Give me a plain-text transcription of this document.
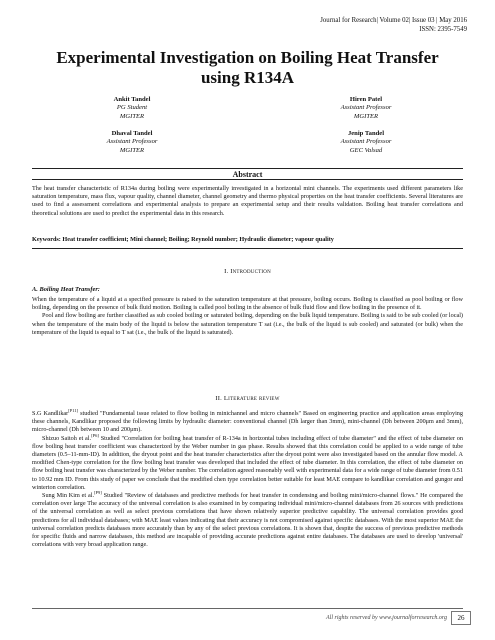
Journal for Research| Volume 02| Issue 03 | May 2016
ISSN: 2395-7549
Experimental Investigation on Boiling Heat Transfer using R134A
Ankit Tandel
PG Student
MGITER
Hiren Patel
Assistant Professor
MGITER
Dhaval Tandel
Assistant Professor
MGITER
Jenip Tandel
Assistant Professor
GEC Valsad
Abstract
The heat transfer characteristic of R134a during boiling were experimentally investigated in a horizontal mini channels. The experiments used different parameters like saturation temperature, mass flux, vapour quality, channel diameter, channel geometry and thermo physical properties on the heat transfer coefficients. Several literatures are used to find a assessment correlations and experimental analysis to prepare an experimental setup and their results validation. Boiling heat transfer correlations and theoretical solutions are used to predict the experimental data in this research.
Keywords: Heat transfer coefficient; Mini channel; Boiling; Reynold number; Hydraulic diameter; vapour quality
I. Introduction
A. Boiling Heat Transfer:

When the temperature of a liquid at a specified pressure is raised to the saturation temperature at that pressure, boiling occurs. Boiling is classified as pool boiling or flow boiling, depending on the presence of bulk fluid motion. Boiling is called pool boiling in the absence of bulk fluid flow and flow boiling in the presence of it.

Pool and flow boiling are further classified as sub cooled boiling or saturated boiling, depending on the bulk liquid temperature. Boiling is said to be sub cooled (or local) when the temperature of the main body of the liquid is below the saturation temperature T sat (i.e., the bulk of the liquid is sub cooled) and saturated (or bulk) when the temperature of the liquid is equal to T sat (i.e., the bulk of the liquid is saturated).

II. Literature review

S.G Kandlikar[P11] studied "Fundamental issue related to flow boiling in minichannel and micro channels" Based on engineering practice and application areas employing these channels, Kandlikar proposed the following limits by hydraulic diameter: conventional channel (Dh larger than 3mm), mini-channel (Dh between 200μm and 3mm), micro-channel (Dh between 10 and 200μm).

Shizuo Saitoh et al.[P6] Studied "Correlation for boiling heat transfer of R-134a in horizontal tubes including effect of tube diameter" and the effect of tube diameter on flow boiling heat transfer coefficient was characterized by the Weber number in gas phase. Results showed that this correlation could be applied to a wide range of tube diameters (0.5–11-mm-ID). In addition, the dryout point and the heat transfer characteristics after the dryout point were also investigated based on the annular flow model. A modified Chen-type correlation for the flow boiling heat transfer was developed that included the effect of tube diameter. In this correlation, the effect of tube diameter on flow boiling heat transfer was characterized by the Weber number. The correlation agreed reasonably well with experimental data for a wide range of tube diameter from 0.51 to 10.92 mm ID. From this study of paper we conclude that the modified chen type correlation better suitable for least MAE compare to kandlikar correlation and gungor and winterton correlation.

Sung Min Kim et al.[P9] Studied "Review of databases and predictive methods for heat transfer in condensing and boiling mini/micro-channel flows." He compared the correlation over large The accuracy of the universal correlation is also examined in by comparing individual mini/micro-channel databases from 26 sources with predictions of the universal correlation as well as select previous correlations that have shown relatively superior predictive capability. The universal correlation provides good predictions for all individual databases; with MAE least values indicating that their accuracy is not compromised against specific databases. With the most superior MAE the universal correlation predicts databases more accurately than by any of the select previous correlations. It is shown that, despite the success of previous predictive methods for specific fluids and narrow databases, this method are incapable of providing accurate predictions against entire databases. The databases are used to develop 'universal' correlations with very broad application range.

All rights reserved by www.journalforresearch.org	26
